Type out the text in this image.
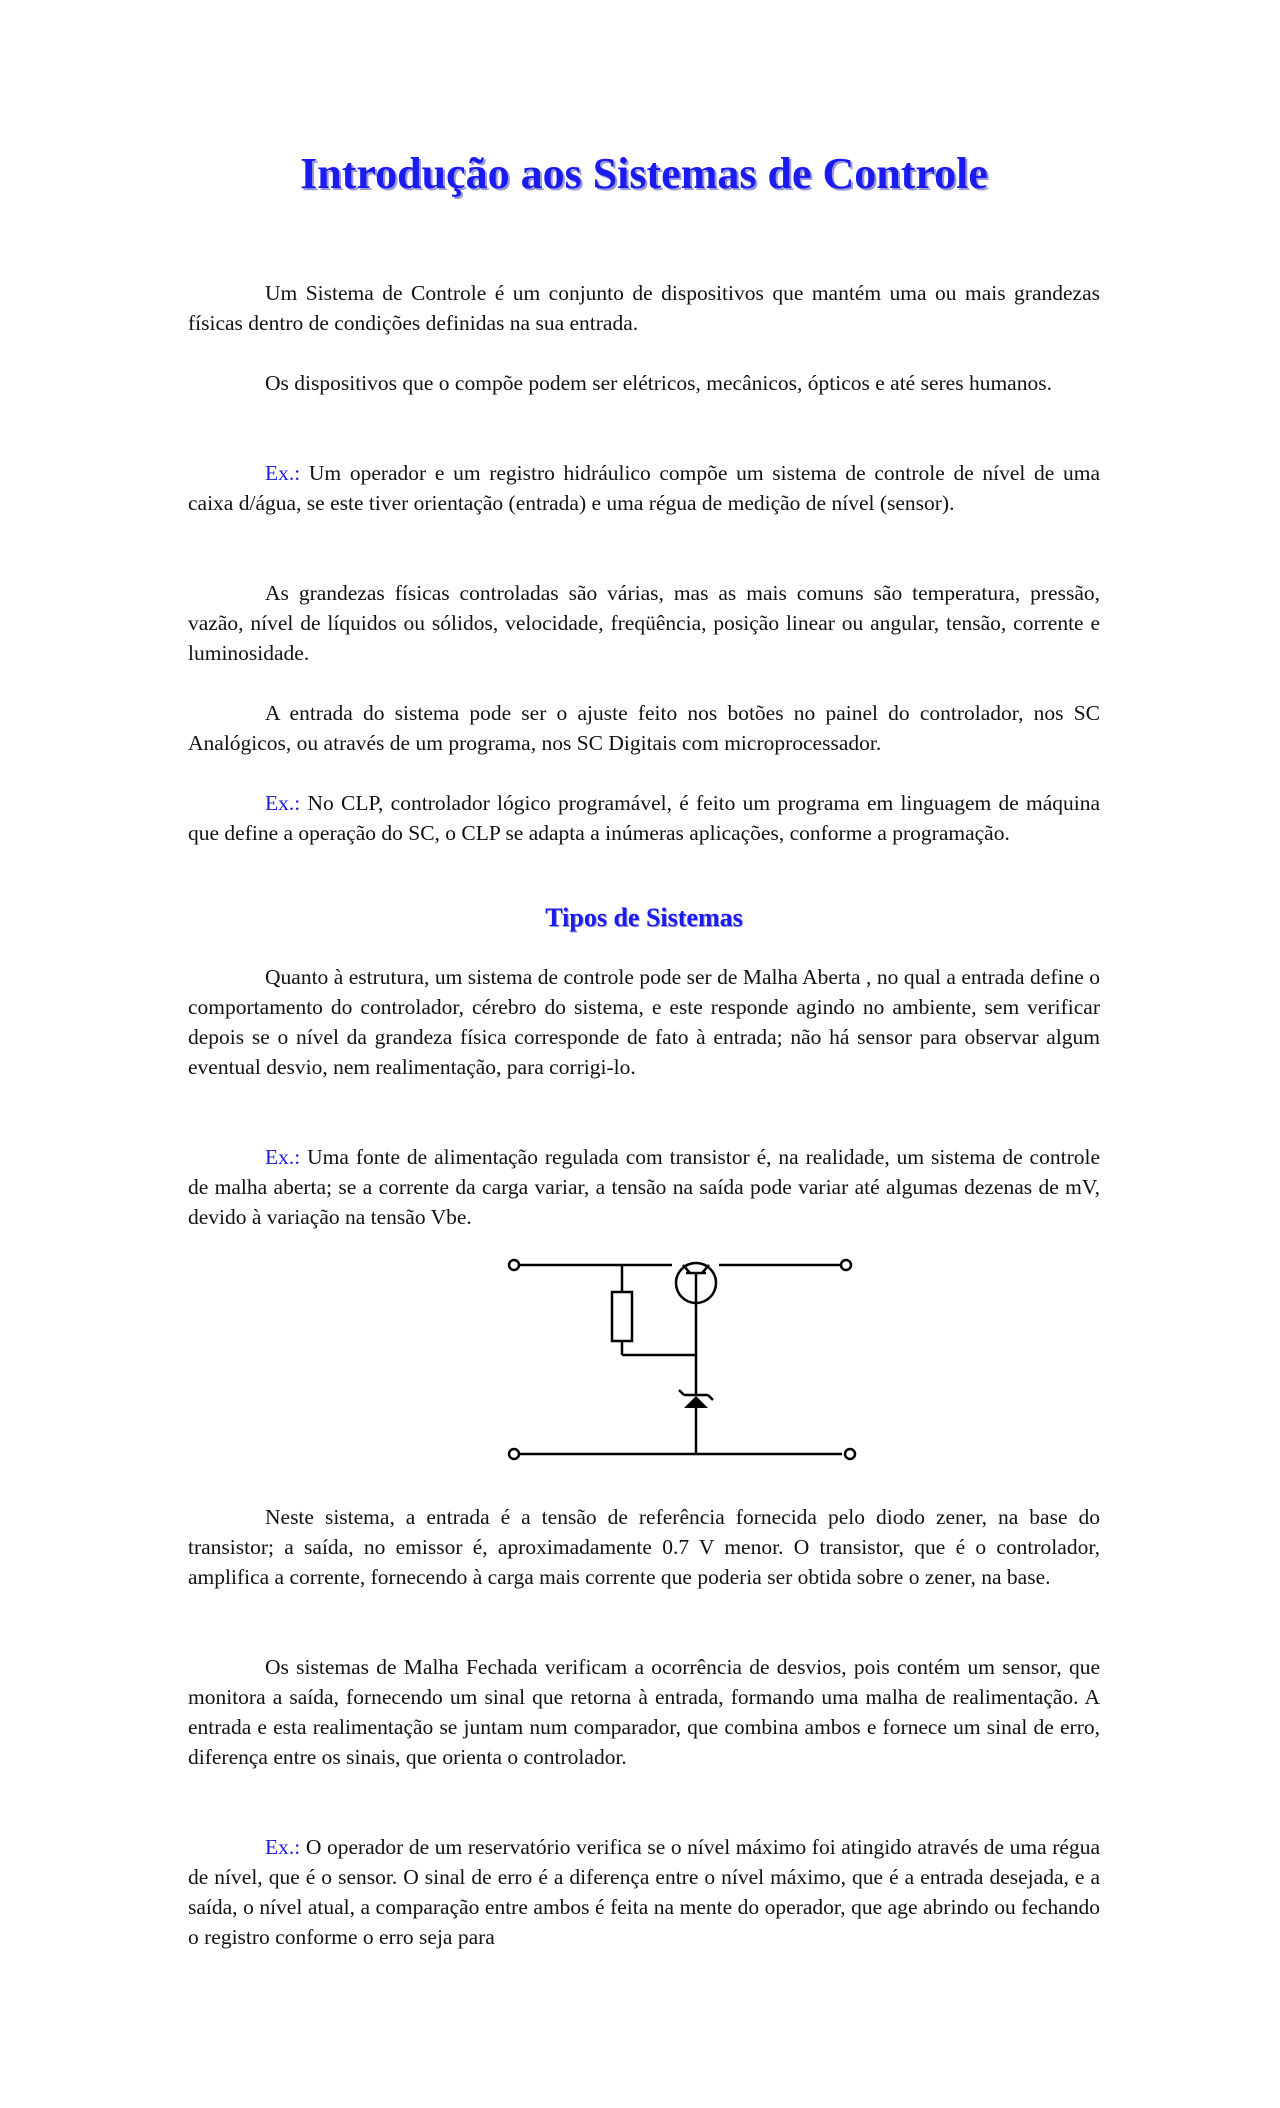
Introdução aos Sistemas de Controle

Um Sistema de Controle é um conjunto de dispositivos que mantém uma ou mais grandezas físicas dentro de condições definidas na sua entrada.

Os dispositivos que o compõe podem ser elétricos, mecânicos, ópticos e até seres humanos.

Ex.: Um operador e um registro hidráulico compõe um sistema de controle de nível de uma caixa d/água, se este tiver orientação (entrada) e uma régua de medição de nível (sensor).

As grandezas físicas controladas são várias, mas as mais comuns são temperatura, pressão, vazão, nível de líquidos ou sólidos, velocidade, freqüência, posição linear ou angular, tensão, corrente e luminosidade.

A entrada do sistema pode ser o ajuste feito nos botões no painel do controlador, nos SC Analógicos, ou através de um programa, nos SC Digitais com microprocessador.

Ex.: No CLP, controlador lógico programável, é feito um programa em linguagem de máquina que define a operação do SC, o CLP se adapta a inúmeras aplicações, conforme a programação.

Tipos de Sistemas

Quanto à estrutura, um sistema de controle pode ser de Malha Aberta , no qual a entrada define o comportamento do controlador, cérebro do sistema, e este responde agindo no ambiente, sem verificar depois se o nível da grandeza física corresponde de fato à entrada; não há sensor para observar algum eventual desvio, nem realimentação, para corrigi-lo.

Ex.: Uma fonte de alimentação regulada com transistor é, na realidade, um sistema de controle de malha aberta; se a corrente da carga variar, a tensão na saída pode variar até algumas dezenas de mV, devido à variação na tensão Vbe.

Neste sistema, a entrada é a tensão de referência fornecida pelo diodo zener, na base do transistor; a saída, no emissor é, aproximadamente 0.7 V menor. O transistor, que é o controlador, amplifica a corrente, fornecendo à carga mais corrente que poderia ser obtida sobre o zener, na base.

Os sistemas de Malha Fechada verificam a ocorrência de desvios, pois contém um sensor, que monitora a saída, fornecendo um sinal que retorna à entrada, formando uma malha de realimentação. A entrada e esta realimentação se juntam num comparador, que combina ambos e fornece um sinal de erro, diferença entre os sinais, que orienta o controlador.

Ex.: O operador de um reservatório verifica se o nível máximo foi atingido através de uma régua de nível, que é o sensor. O sinal de erro é a diferença entre o nível máximo, que é a entrada desejada, e a saída, o nível atual, a comparação entre ambos é feita na mente do operador, que age abrindo ou fechando o registro conforme o erro seja para
